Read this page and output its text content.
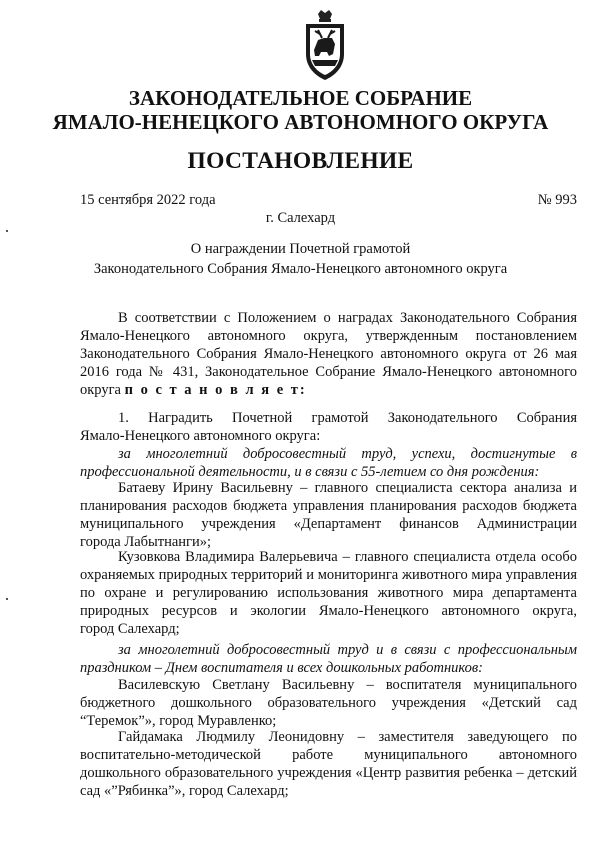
ЗАКОНОДАТЕЛЬНОЕ СОБРАНИЕ
ЯМАЛО-НЕНЕЦКОГО АВТОНОМНОГО ОКРУГА
ПОСТАНОВЛЕНИЕ
15 сентября 2022 года	№ 993
г. Салехард
О награждении Почетной грамотой
Законодательного Собрания Ямало-Ненецкого автономного округа
В соответствии с Положением о наградах Законодательного Собрания
Ямало-Ненецкого автономного округа, утвержденным постановлением
Законодательного Собрания Ямало-Ненецкого автономного округа от 26 мая
2016 года № 431, Законодательное Собрание Ямало-Ненецкого автономного
округа п о с т а н о в л я е т:
1. Наградить Почетной грамотой Законодательного Собрания
Ямало-Ненецкого автономного округа:
за многолетний добросовестный труд, успехи, достигнутые в
профессиональной деятельности, и в связи с 55-летием со дня рождения:
Батаеву Ирину Васильевну – главного специалиста сектора анализа и
планирования расходов бюджета управления планирования расходов бюджета
муниципального учреждения «Департамент финансов Администрации
города Лабытнанги»;
Кузовкова Владимира Валерьевича – главного специалиста отдела особо
охраняемых природных территорий и мониторинга животного мира управления
по охране и регулированию использования животного мира департамента
природных ресурсов и экологии Ямало-Ненецкого автономного округа,
город Салехард;
за многолетний добросовестный труд и в связи с профессиональным
праздником – Днем воспитателя и всех дошкольных работников:
Василевскую Светлану Васильевну – воспитателя муниципального
бюджетного дошкольного образовательного учреждения «Детский сад
“Теремок”», город Муравленко;
Гайдамака Людмилу Леонидовну – заместителя заведующего по
воспитательно-методической работе муниципального автономного
дошкольного образовательного учреждения «Центр развития ребенка – детский
сад «”Рябинка”», город Салехард;
